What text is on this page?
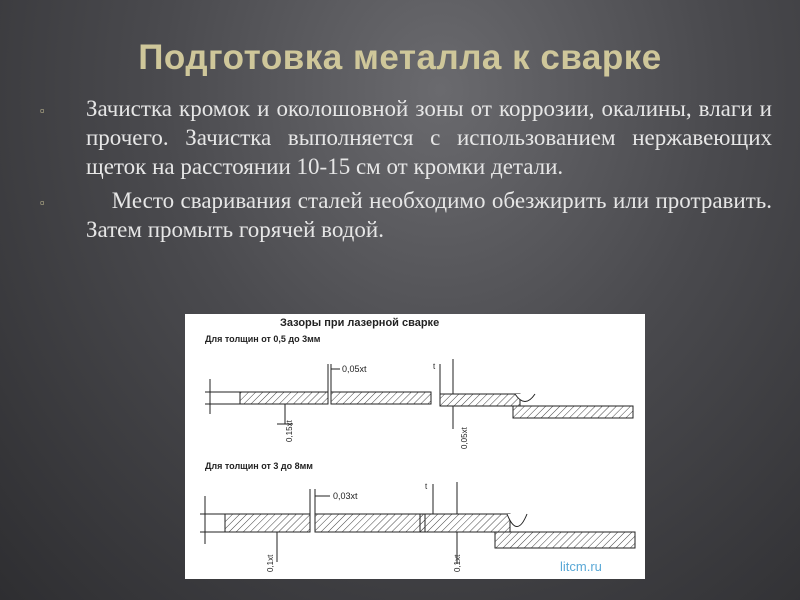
Подготовка металла к сварке
▫ Зачистка кромок и околошовной зоны от коррозии, окалины, влаги и прочего. Зачистка выполняется с использованием нержавеющих щеток на расстоянии 10-15 см от кромки детали.
▫ Место сваривания сталей необходимо обезжирить или протравить. Затем промыть горячей водой.
Зазоры при лазерной сварке
Для толщин от 0,5 до 3мм
Для толщин от 3 до 8мм
0,05xt
0,15xt
t
0,05xt
0,03xt
0,1xt
t
0,1xt	litcm.ru
